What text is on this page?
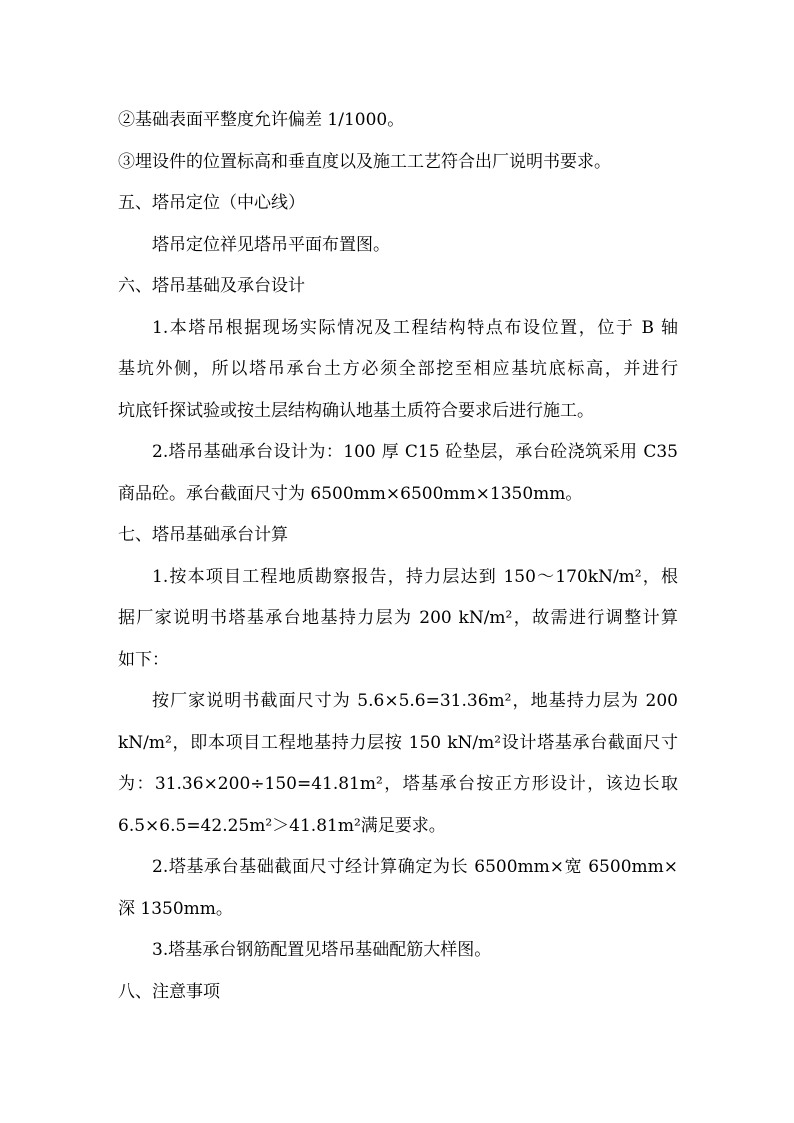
②基础表面平整度允许偏差 1/1000。
③埋设件的位置标高和垂直度以及施工工艺符合出厂说明书要求。
五、塔吊定位（中心线）
塔吊定位祥见塔吊平面布置图。
六、塔吊基础及承台设计
1.本塔吊根据现场实际情况及工程结构特点布设位置，位于 B 轴
基坑外侧，所以塔吊承台土方必须全部挖至相应基坑底标高，并进行
坑底钎探试验或按土层结构确认地基土质符合要求后进行施工。
2.塔吊基础承台设计为：100 厚 C15 砼垫层，承台砼浇筑采用 C35
商品砼。承台截面尺寸为 6500mm×6500mm×1350mm。
七、塔吊基础承台计算
1.按本项目工程地质勘察报告，持力层达到 150～170kN/m²，根
据厂家说明书塔基承台地基持力层为 200 kN/m²，故需进行调整计算
如下：
按厂家说明书截面尺寸为 5.6×5.6=31.36m²，地基持力层为 200
kN/m²，即本项目工程地基持力层按 150 kN/m²设计塔基承台截面尺寸
为：31.36×200÷150=41.81m²，塔基承台按正方形设计，该边长取
6.5×6.5=42.25m²＞41.81m²满足要求。
2.塔基承台基础截面尺寸经计算确定为长 6500mm×宽 6500mm×
深 1350mm。
3.塔基承台钢筋配置见塔吊基础配筋大样图。
八、注意事项
